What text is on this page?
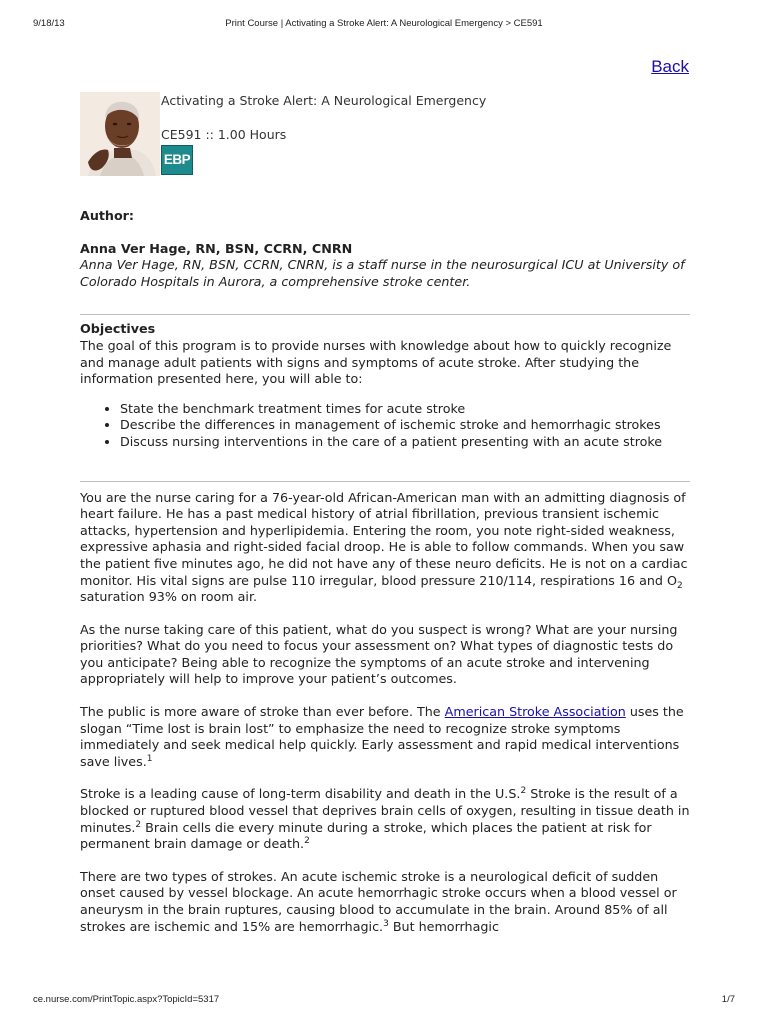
9/18/13	Print Course | Activating a Stroke Alert: A Neurological Emergency > CE591
Back
Activating a Stroke Alert: A Neurological Emergency
CE591 :: 1.00 Hours
EBP

Author:

Anna Ver Hage, RN, BSN, CCRN, CNRN

Anna Ver Hage, RN, BSN, CCRN, CNRN, is a staff nurse in the neurosurgical ICU at University of Colorado Hospitals in Aurora, a comprehensive stroke center.

Objectives

The goal of this program is to provide nurses with knowledge about how to quickly recognize and manage adult patients with signs and symptoms of acute stroke. After studying the information presented here, you will able to:

• State the benchmark treatment times for acute stroke
• Describe the differences in management of ischemic stroke and hemorrhagic strokes
• Discuss nursing interventions in the care of a patient presenting with an acute stroke

You are the nurse caring for a 76-year-old African-American man with an admitting diagnosis of heart failure. He has a past medical history of atrial fibrillation, previous transient ischemic attacks, hypertension and hyperlipidemia. Entering the room, you note right-sided weakness, expressive aphasia and right-sided facial droop. He is able to follow commands. When you saw the patient five minutes ago, he did not have any of these neuro deficits. He is not on a cardiac monitor. His vital signs are pulse 110 irregular, blood pressure 210/114, respirations 16 and $O_2$ saturation 93% on room air.

As the nurse taking care of this patient, what do you suspect is wrong? What are your nursing priorities? What do you need to focus your assessment on? What types of diagnostic tests do you anticipate? Being able to recognize the symptoms of an acute stroke and intervening appropriately will help to improve your patient’s outcomes.

The public is more aware of stroke than ever before. The American Stroke Association uses the slogan “Time lost is brain lost” to emphasize the need to recognize stroke symptoms immediately and seek medical help quickly. Early assessment and rapid medical interventions save lives.$^1$

Stroke is a leading cause of long-term disability and death in the U.S.$^2$ Stroke is the result of a blocked or ruptured blood vessel that deprives brain cells of oxygen, resulting in tissue death in minutes.$^2$ Brain cells die every minute during a stroke, which places the patient at risk for permanent brain damage or death.$^2$

There are two types of strokes. An acute ischemic stroke is a neurological deficit of sudden onset caused by vessel blockage. An acute hemorrhagic stroke occurs when a blood vessel or aneurysm in the brain ruptures, causing blood to accumulate in the brain. Around 85% of all strokes are ischemic and 15% are hemorrhagic.$^3$ But hemorrhagic

ce.nurse.com/PrintTopic.aspx?TopicId=5317	1/7
